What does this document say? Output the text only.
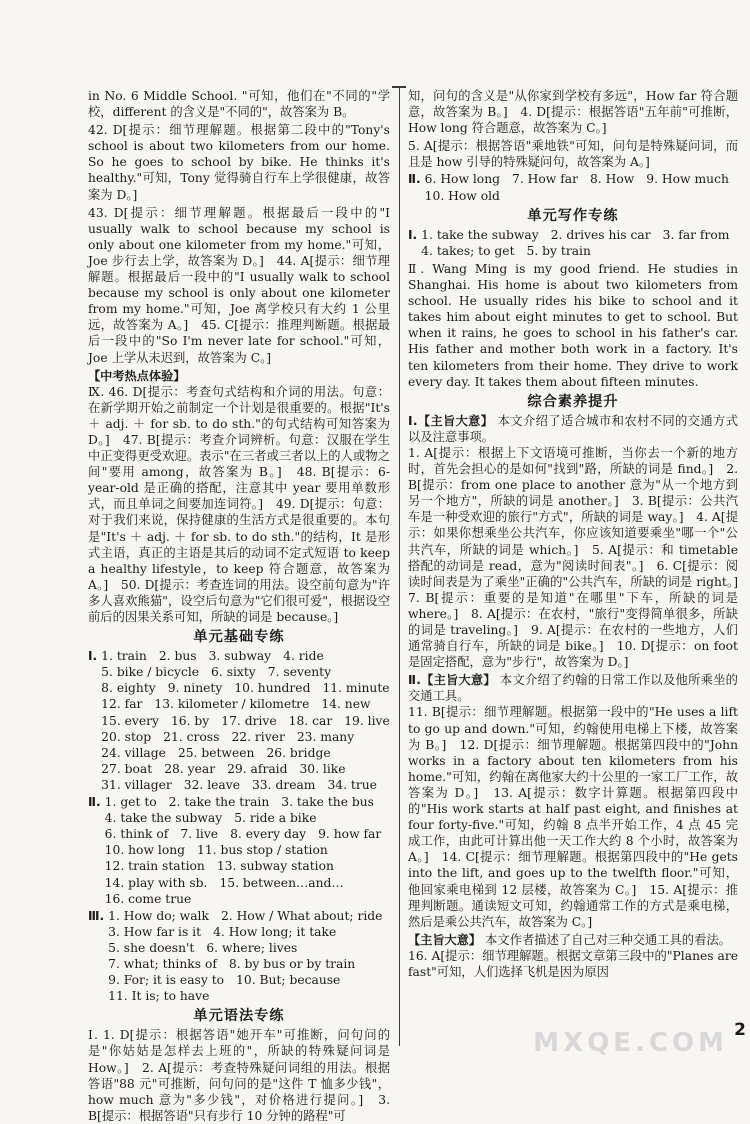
in No. 6 Middle School. "可知，他们在"不同的"学校，different 的含义是"不同的"，故答案为 B。

42. D[提示：细节理解题。根据第二段中的"Tony's school is about two kilometers from our home. So he goes to school by bike. He thinks it's healthy."可知，Tony 觉得骑自行车上学很健康，故答案为 D。]

43. D[提示：细节理解题。根据最后一段中的"I usually walk to school because my school is only about one kilometer from my home."可知，Joe 步行去上学，故答案为 D。]　44. A[提示：细节理解题。根据最后一段中的"I usually walk to school because my school is only about one kilometer from my home."可知，Joe 离学校只有大约 1 公里远，故答案为 A。]　45. C[提示：推理判断题。根据最后一段中的"So I'm never late for school."可知，Joe 上学从未迟到，故答案为 C。]

【中考热点体验】

Ⅸ. 46. D[提示：考查句式结构和介词的用法。句意：在新学期开始之前制定一个计划是很重要的。根据"It's ＋ adj. ＋ for sb. to do sth."的句式结构可知答案为 D。]　47. B[提示：考查介词辨析。句意：汉服在学生中正变得更受欢迎。表示"在三者或三者以上的人或物之间"要用 among，故答案为 B。]　48. B[提示：6-year-old 是正确的搭配，注意其中 year 要用单数形式，而且单词之间要加连词符。]　49. D[提示：句意：对于我们来说，保持健康的生活方式是很重要的。本句是"It's ＋ adj. ＋ for sb. to do sth."的结构，It 是形式主语，真正的主语是其后的动词不定式短语 to keep a healthy lifestyle，to keep 符合题意，故答案为 A。]　50. D[提示：考查连词的用法。设空前句意为"许多人喜欢熊猫"，设空后句意为"它们很可爱"，根据设空前后的因果关系可知，所缺的词是 because。]

单元基础专练
Ⅰ. 1. train 2. bus 3. subway 4. ride
5. bike / bicycle 6. sixty 7. seventy
8. eighty 9. ninety 10. hundred 11. minute
12. far 13. kilometer / kilometre 14. new
15. every 16. by 17. drive 18. car 19. live
20. stop 21. cross 22. river 23. many
24. village 25. between 26. bridge
27. boat 28. year 29. afraid 30. like
31. villager 32. leave 33. dream 34. true
Ⅱ. 1. get to 2. take the train 3. take the bus
4. take the subway 5. ride a bike
6. think of 7. live 8. every day 9. how far
10. how long 11. bus stop / station
12. train station 13. subway station
14. play with sb. 15. between…and…
16. come true
Ⅲ. 1. How do; walk 2. How / What about; ride
3. How far is it 4. How long; it take
5. she doesn't 6. where; lives
7. what; thinks of 8. by bus or by train
9. For; it is easy to 10. But; because
11. It is; to have
单元语法专练

Ⅰ. 1. D[提示：根据答语"她开车"可推断，问句问的是"你姑姑是怎样去上班的"，所缺的特殊疑问词是 How。]　2. A[提示：考查特殊疑问词组的用法。根据答语"88 元"可推断，问句问的是"这件 T 恤多少钱"，how much 意为"多少钱"，对价格进行提问。]　3. B[提示：根据答语"只有步行 10 分钟的路程"可

知，问句的含义是"从你家到学校有多远"，How far 符合题意，故答案为 B。]　4. D[提示：根据答语"五年前"可推断，How long 符合题意，故答案为 C。]

5. A[提示：根据答语"乘地铁"可知，问句是特殊疑问词，而且是 how 引导的特殊疑问句，故答案为 A。]

Ⅱ. 6. How long 7. How far 8. How 9. How much
10. How old
单元写作专练
Ⅰ. 1. take the subway 2. drives his car 3. far from
4. takes; to get 5. by train

Ⅱ. Wang Ming is my good friend. He studies in Shanghai. His home is about two kilometers from school. He usually rides his bike to school and it takes him about eight minutes to get to school. But when it rains, he goes to school in his father's car. His father and mother both work in a factory. It's ten kilometers from their home. They drive to work every day. It takes them about fifteen minutes.

综合素养提升

Ⅰ.【主旨大意】 本文介绍了适合城市和农村不同的交通方式以及注意事项。

1. A[提示：根据上下文语境可推断，当你去一个新的地方时，首先会担心的是如何"找到"路，所缺的词是 find。]　2. B[提示：from one place to another 意为"从一个地方到另一个地方"，所缺的词是 another。]　3. B[提示：公共汽车是一种受欢迎的旅行"方式"，所缺的词是 way。]　4. A[提示：如果你想乘坐公共汽车，你应该知道要乘坐"哪一个"公共汽车，所缺的词是 which。]　5. A[提示：和 timetable 搭配的动词是 read，意为"阅读时间表"。]　6. C[提示：阅读时间表是为了乘坐"正确的"公共汽车，所缺的词是 right。]　7. B[提示：重要的是知道"在哪里"下车，所缺的词是 where。]　8. A[提示：在农村，"旅行"变得简单很多，所缺的词是 traveling。]　9. A[提示：在农村的一些地方，人们通常骑自行车，所缺的词是 bike。]　10. D[提示：on foot 是固定搭配，意为"步行"，故答案为 D。]

Ⅱ.【主旨大意】 本文介绍了约翰的日常工作以及他所乘坐的交通工具。

11. B[提示：细节理解题。根据第一段中的"He uses a lift to go up and down."可知，约翰使用电梯上下楼，故答案为 B。]　12. D[提示：细节理解题。根据第四段中的"John works in a factory about ten kilometers from his home."可知，约翰在离他家大约十公里的一家工厂工作，故答案为 D。]　13. A[提示：数字计算题。根据第四段中的"His work starts at half past eight, and finishes at four forty-five."可知，约翰 8 点半开始工作，4 点 45 完成工作，由此可计算出他一天工作大约 8 个小时，故答案为 A。]　14. C[提示：细节理解题。根据第四段中的"He gets into the lift, and goes up to the twelfth floor."可知，他回家乘电梯到 12 层楼，故答案为 C。]　15. A[提示：推理判断题。通读短文可知，约翰通常工作的方式是乘电梯，然后是乘公共汽车，故答案为 C。]

【主旨大意】 本文作者描述了自己对三种交通工具的看法。

16. A[提示：细节理解题。根据文章第三段中的"Planes are fast"可知，人们选择飞机是因为原因

MXQE.COM 2
